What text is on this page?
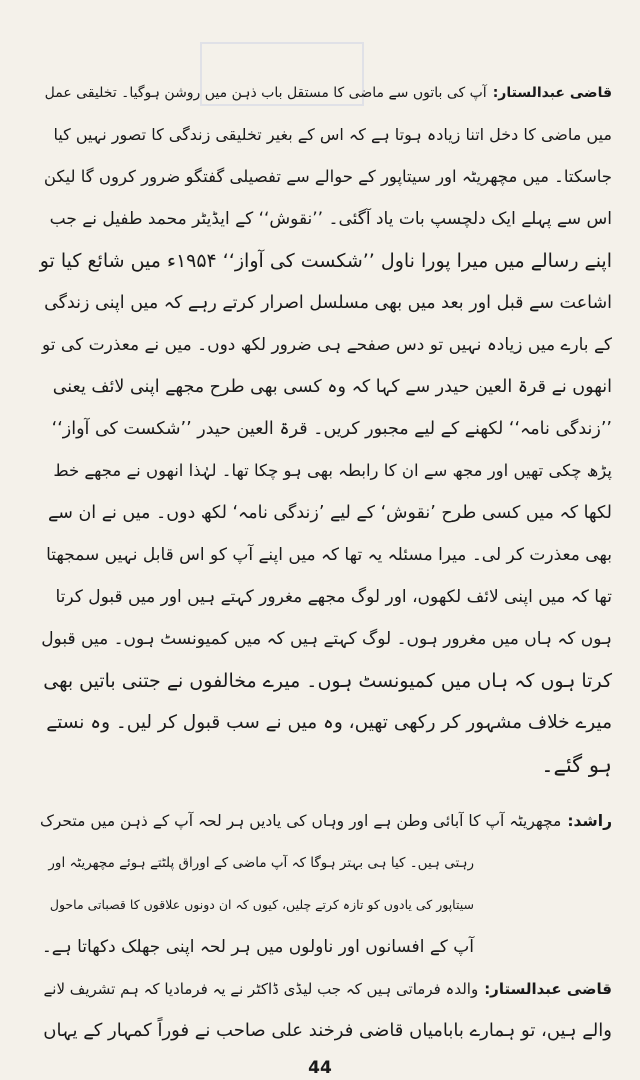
قاضی عبدالستار:آپ کی باتوں سے ماضی کا مستقل باب ذہن میں روشن ہوگیا۔ تخلیقی عمل
میں ماضی کا دخل اتنا زیادہ ہوتا ہے کہ اس کے بغیر تخلیقی زندگی کا تصور نہیں کیا
جاسکتا۔ میں مچھریٹہ اور سیتاپور کے حوالے سے تفصیلی گفتگو ضرور کروں گا لیکن
اس سے پہلے ایک دلچسپ بات یاد آگئی۔ ’’نقوش‘‘ کے ایڈیٹر محمد طفیل نے جب
اپنے رسالے میں میرا پورا ناول ’’شکست کی آواز‘‘ ۱۹۵۴ء میں شائع کیا تو
اشاعت سے قبل اور بعد میں بھی مسلسل اصرار کرتے رہے کہ میں اپنی زندگی
کے بارے میں زیادہ نہیں تو دس صفحے ہی ضرور لکھ دوں۔ میں نے معذرت کی تو
انھوں نے قرۃ العین حیدر سے کہا کہ وہ کسی بھی طرح مجھے اپنی لائف یعنی
’’زندگی نامہ‘‘ لکھنے کے لیے مجبور کریں۔ قرۃ العین حیدر ’’شکست کی آواز‘‘
پڑھ چکی تھیں اور مجھ سے ان کا رابطہ بھی ہو چکا تھا۔ لہٰذا انھوں نے مجھے خط
لکھا کہ میں کسی طرح ’نقوش‘ کے لیے ’زندگی نامہ‘ لکھ دوں۔ میں نے ان سے
بھی معذرت کر لی۔ میرا مسئلہ یہ تھا کہ میں اپنے آپ کو اس قابل نہیں سمجھتا
تھا کہ میں اپنی لائف لکھوں، اور لوگ مجھے مغرور کہتے ہیں اور میں قبول کرتا
ہوں کہ ہاں میں مغرور ہوں۔ لوگ کہتے ہیں کہ میں کمیونسٹ ہوں۔ میں قبول
کرتا ہوں کہ ہاں میں کمیونسٹ ہوں۔ میرے مخالفوں نے جتنی باتیں بھی
میرے خلاف مشہور کر رکھی تھیں، وہ میں نے سب قبول کر لیں۔ وہ نستے
ہو گئے۔
راشد:مچھریٹہ آپ کا آبائی وطن ہے اور وہاں کی یادیں ہر لحہ آپ کے ذہن میں متحرک
رہتی ہیں۔ کیا ہی بہتر ہوگا کہ آپ ماضی کے اوراق پلٹتے ہوئے مچھریٹہ اور
سیتاپور کی یادوں کو تازہ کرتے چلیں، کیوں کہ ان دونوں علاقوں کا قصباتی ماحول
آپ کے افسانوں اور ناولوں میں ہر لحہ اپنی جھلک دکھاتا ہے۔
قاضی عبدالستار:والدہ فرماتی ہیں کہ جب لیڈی ڈاکٹر نے یہ فرمادیا کہ ہم تشریف لانے
والے ہیں، تو ہمارے بابامیاں قاضی فرخند علی صاحب نے فوراً کمہار کے یہاں
44
